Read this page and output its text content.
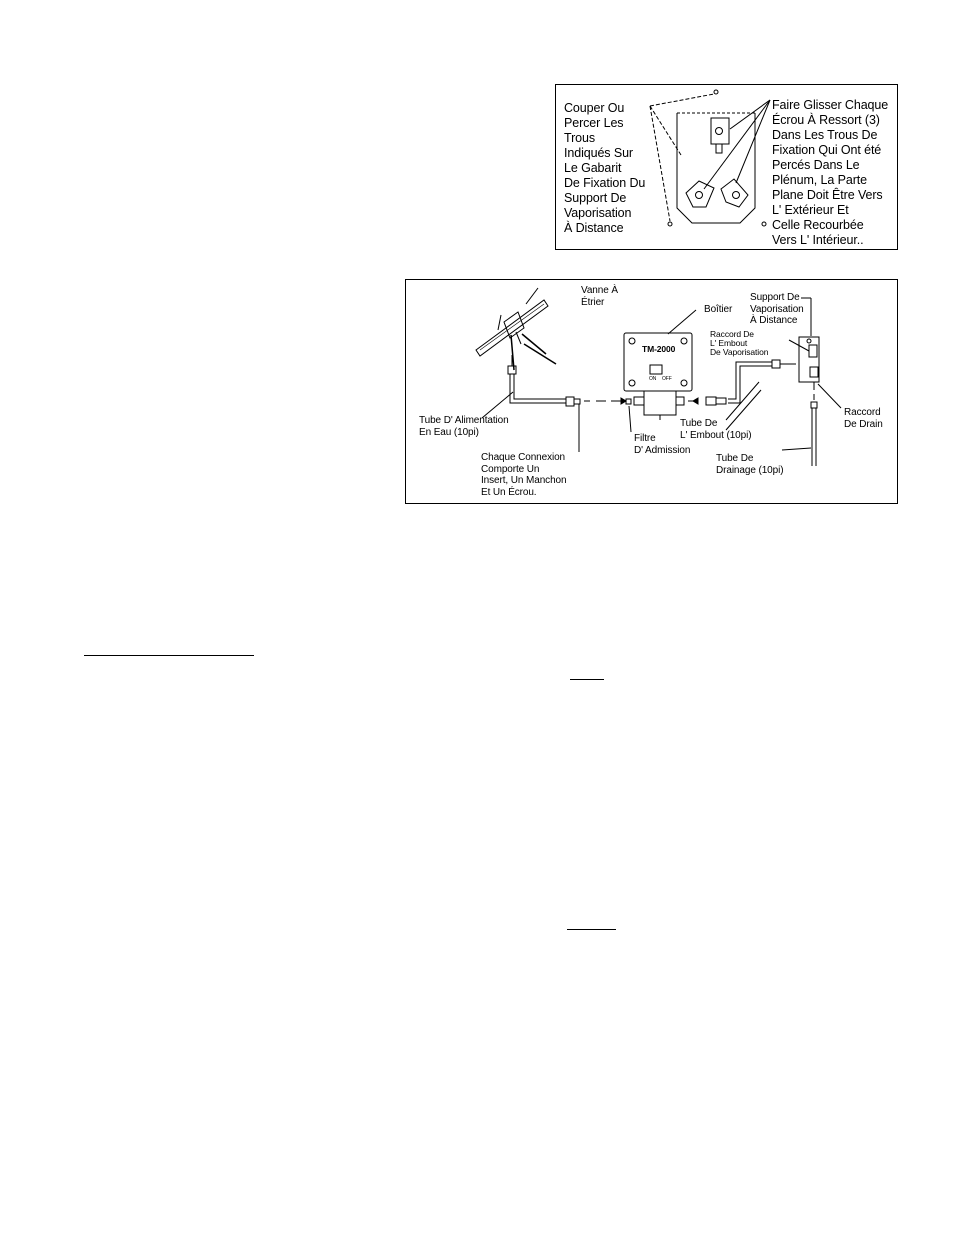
Couper Ou
Percer Les
Trous
Indiqués Sur
Le Gabarit
De Fixation Du
Support De
Vaporisation
À Distance
Faire Glisser Chaque
Écrou À Ressort (3)
Dans Les Trous De
Fixation Qui Ont été
Percés Dans Le
Plénum, La Parte
Plane Doit Être Vers
L' Extérieur Et
Celle Recourbée
Vers L' Intérieur..
Vanne À
Étrier
Boîtier
TM-2000
ON OFF
Support De
Vaporisation
À Distance
Raccord De
L' Embout
De Vaporisation
Raccord
De Drain
Tube D' Alimentation
En Eau (10pi)
Filtre
D' Admission
Tube De
L' Embout (10pi)
Chaque Connexion
Comporte Un
Insert, Un Manchon
Et Un Écrou.
Tube De
Drainage (10pi)
